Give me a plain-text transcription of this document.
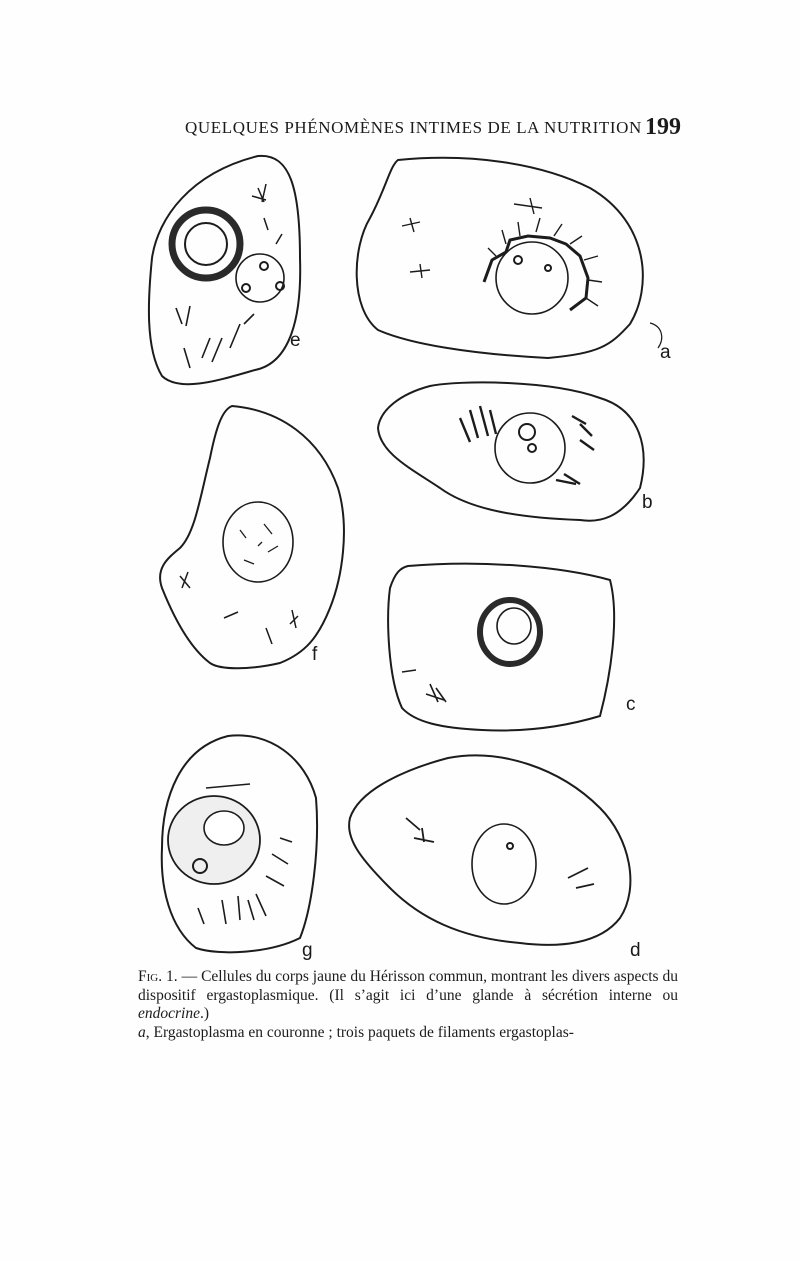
QUELQUES PHÉNOMÈNES INTIMES DE LA NUTRITION 199
a
b
f
c
g	d
e

Fig. 1. — Cellules du corps jaune du Hérisson commun, montrant les divers aspects du dispositif ergastoplasmique. (Il s’agit ici d’une glande à sécrétion interne ou endocrine.)

a, Ergastoplasma en couronne ; trois paquets de filaments ergastoplas-
